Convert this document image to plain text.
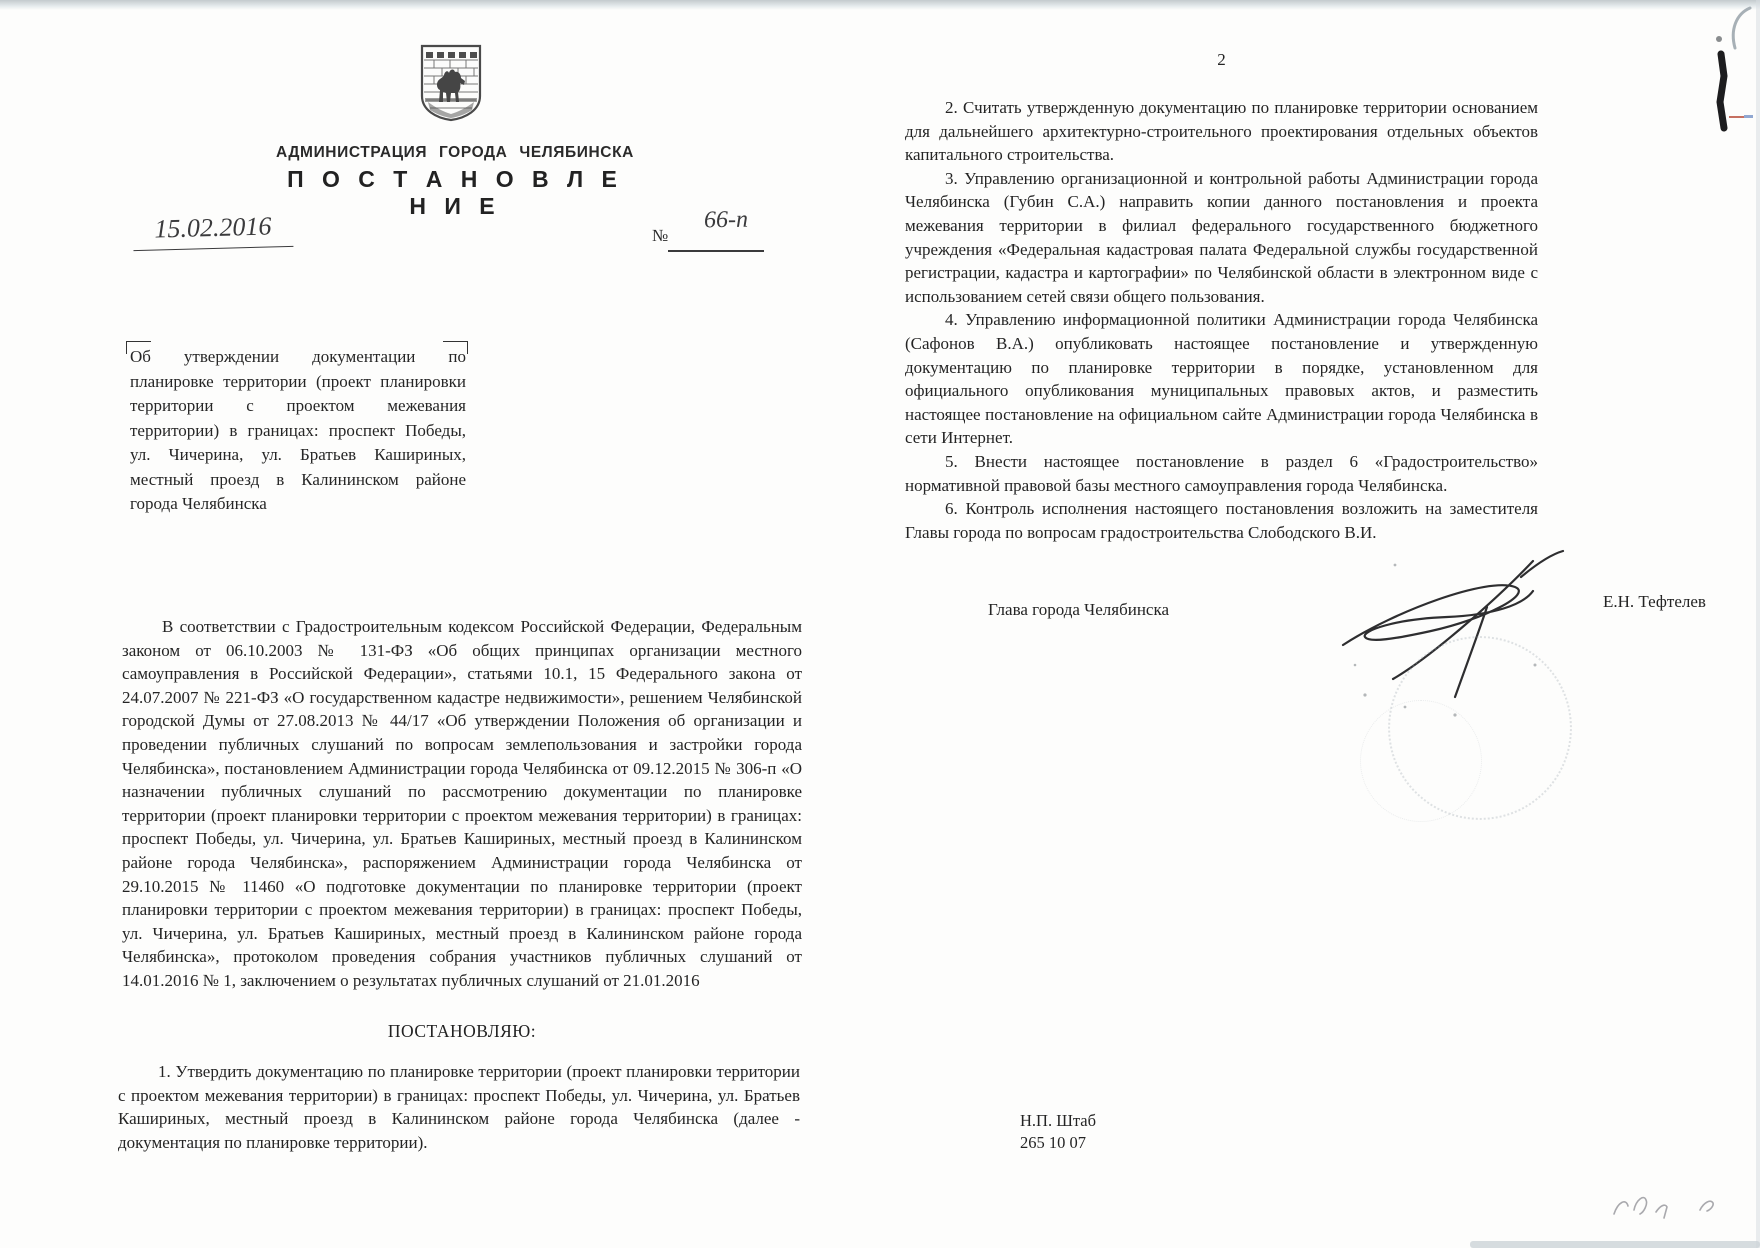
АДМИНИСТРАЦИЯ ГОРОДА ЧЕЛЯБИНСКА
П О С Т А Н О В Л Е Н И Е
15.02.2016	№
66-п
Об утверждении документации по планировке территории (проект планировки территории с проектом межевания территории) в границах: проспект Победы, ул. Чичерина, ул. Братьев Кашириных, местный проезд в Калининском районе города Челябинска

В соответствии с Градостроительным кодексом Российской Федерации, Федеральным законом от 06.10.2003 № 131-ФЗ «Об общих принципах организации местного самоуправления в Российской Федерации», статьями 10.1, 15 Федерального закона от 24.07.2007 № 221-ФЗ «О государственном кадастре недвижимости», решением Челябинской городской Думы от 27.08.2013 № 44/17 «Об утверждении Положения об организации и проведении публичных слушаний по вопросам землепользования и застройки города Челябинска», постановлением Администрации города Челябинска от 09.12.2015 № 306-п «О назначении публичных слушаний по рассмотрению документации по планировке территории (проект планировки территории с проектом межевания территории) в границах: проспект Победы, ул. Чичерина, ул. Братьев Кашириных, местный проезд в Калининском районе города Челябинска», распоряжением Администрации города Челябинска от 29.10.2015 № 11460 «О подготовке документации по планировке территории (проект планировки территории с проектом межевания территории) в границах: проспект Победы, ул. Чичерина, ул. Братьев Кашириных, местный проезд в Калининском районе города Челябинска», протоколом проведения собрания участников публичных слушаний от 14.01.2016 № 1, заключением о результатах публичных слушаний от 21.01.2016

ПОСТАНОВЛЯЮ:

1. Утвердить документацию по планировке территории (проект планировки территории с проектом межевания территории) в границах: проспект Победы, ул. Чичерина, ул. Братьев Кашириных, местный проезд в Калининском районе города Челябинска (далее - документация по планировке территории).

2

2. Считать утвержденную документацию по планировке территории основанием для дальнейшего архитектурно-строительного проектирования отдельных объектов капитального строительства.

3. Управлению организационной и контрольной работы Администрации города Челябинска (Губин С.А.) направить копии данного постановления и проекта межевания территории в филиал федерального государственного бюджетного учреждения «Федеральная кадастровая палата Федеральной службы государственной регистрации, кадастра и картографии» по Челябинской области в электронном виде с использованием сетей связи общего пользования.

4. Управлению информационной политики Администрации города Челябинска (Сафонов В.А.) опубликовать настоящее постановление и утвержденную документацию по планировке территории в порядке, установленном для официального опубликования муниципальных правовых актов, и разместить настоящее постановление на официальном сайте Администрации города Челябинска в сети Интернет.

5. Внести настоящее постановление в раздел 6 «Градостроительство» нормативной правовой базы местного самоуправления города Челябинска.

6. Контроль исполнения настоящего постановления возложить на заместителя Главы города по вопросам градостроительства Слободского В.И.

Глава города Челябинска	Е.Н. Тефтелев
Н.П. Штаб
265 10 07
